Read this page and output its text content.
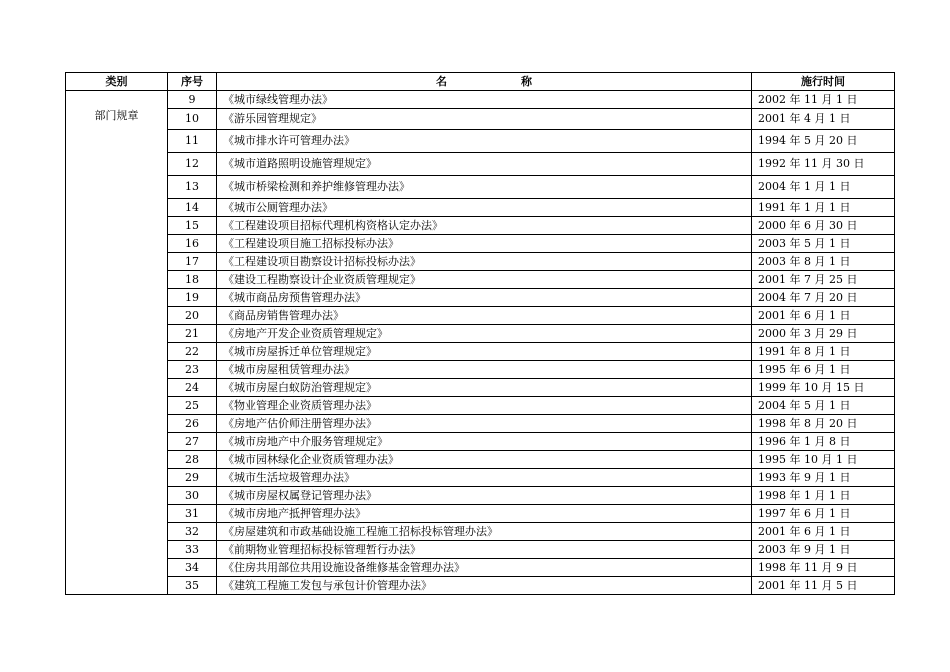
类别	序号	名 称	施行时间

部门规章	9	《城市绿线管理办法》	2002 年 11 月 1 日
	10	《游乐园管理规定》	2001 年 4 月 1 日
	11	《城市排水许可管理办法》	1994 年 5 月 20 日
	12	《城市道路照明设施管理规定》	1992 年 11 月 30 日
	13	《城市桥梁检测和养护维修管理办法》	2004 年 1 月 1 日
	14	《城市公厕管理办法》	1991 年 1 月 1 日
	15	《工程建设项目招标代理机构资格认定办法》	2000 年 6 月 30 日
	16	《工程建设项目施工招标投标办法》	2003 年 5 月 1 日
	17	《工程建设项目勘察设计招标投标办法》	2003 年 8 月 1 日
	18	《建设工程勘察设计企业资质管理规定》	2001 年 7 月 25 日
	19	《城市商品房预售管理办法》	2004 年 7 月 20 日
	20	《商品房销售管理办法》	2001 年 6 月 1 日
	21	《房地产开发企业资质管理规定》	2000 年 3 月 29 日
	22	《城市房屋拆迁单位管理规定》	1991 年 8 月 1 日
	23	《城市房屋租赁管理办法》	1995 年 6 月 1 日
	24	《城市房屋白蚁防治管理规定》	1999 年 10 月 15 日
	25	《物业管理企业资质管理办法》	2004 年 5 月 1 日
	26	《房地产估价师注册管理办法》	1998 年 8 月 20 日
	27	《城市房地产中介服务管理规定》	1996 年 1 月 8 日
	28	《城市园林绿化企业资质管理办法》	1995 年 10 月 1 日
	29	《城市生活垃圾管理办法》	1993 年 9 月 1 日
	30	《城市房屋权属登记管理办法》	1998 年 1 月 1 日
	31	《城市房地产抵押管理办法》	1997 年 6 月 1 日
	32	《房屋建筑和市政基础设施工程施工招标投标管理办法》	2001 年 6 月 1 日
	33	《前期物业管理招标投标管理暂行办法》	2003 年 9 月 1 日
	34	《住房共用部位共用设施设备维修基金管理办法》	1998 年 11 月 9 日
	35	《建筑工程施工发包与承包计价管理办法》	2001 年 11 月 5 日
